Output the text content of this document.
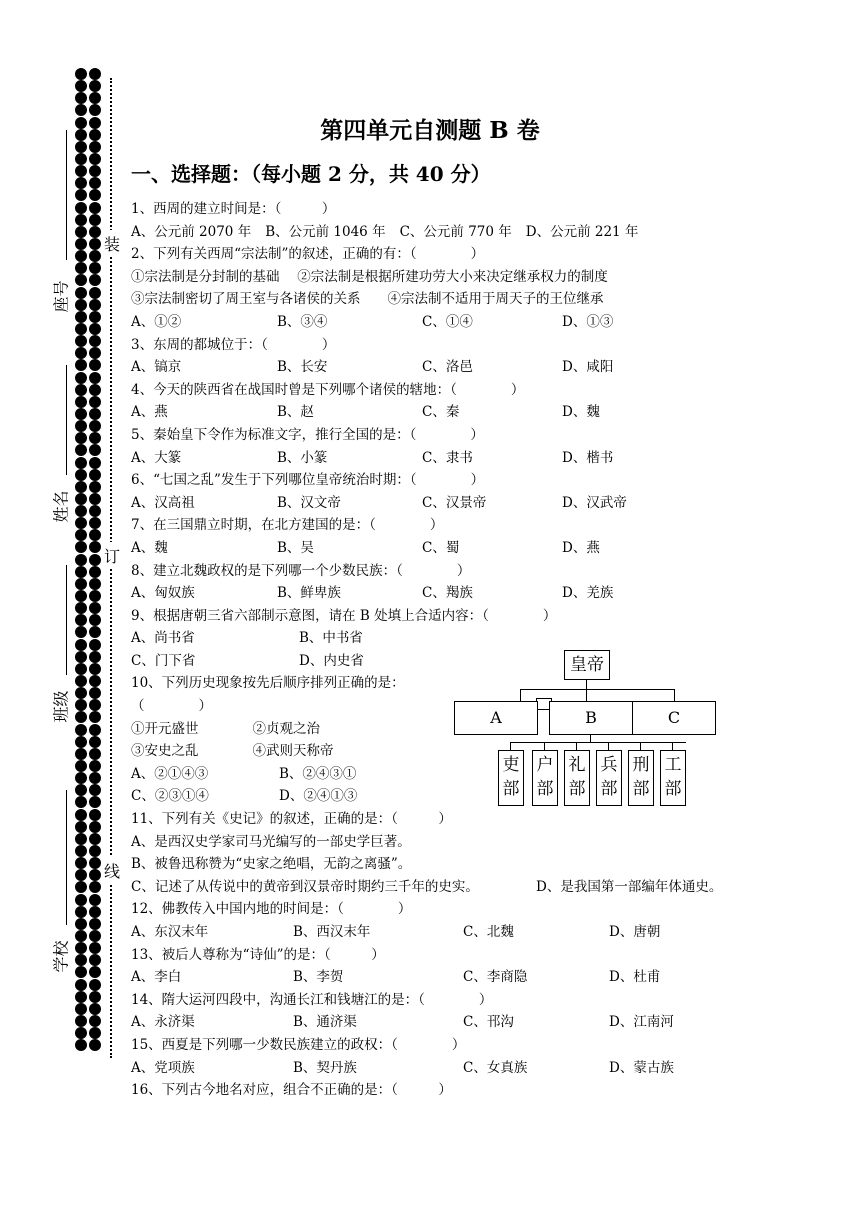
装
订
线
座号
姓名
班级
学校
第四单元自测题 B 卷
一、选择题：（每小题 2 分，共 40 分）
1、西周的建立时间是：（　　　）
A、公元前 2070 年 B、公元前 1046 年 C、公元前 770 年 D、公元前 221 年
2、下列有关西周“宗法制”的叙述，正确的有：（　　　　）
①宗法制是分封制的基础　 ②宗法制是根据所建功劳大小来决定继承权力的制度
③宗法制密切了周王室与各诸侯的关系　　④宗法制不适用于周天子的王位继承
A、①②	B、③④	C、①④	D、①③
3、东周的都城位于：（　　　　）
A、镐京	B、长安	C、洛邑	D、咸阳
4、今天的陕西省在战国时曾是下列哪个诸侯的辖地：（　　　　）
A、燕	B、赵	C、秦	D、魏
5、秦始皇下令作为标准文字，推行全国的是：（　　　　）
A、大篆	B、小篆	C、隶书	D、楷书
6、“七国之乱”发生于下列哪位皇帝统治时期：（　　　　）
A、汉高祖	B、汉文帝	C、汉景帝	D、汉武帝
7、在三国鼎立时期，在北方建国的是：（　　　　）
A、魏	B、吴	C、蜀	D、燕
8、建立北魏政权的是下列哪一个少数民族：（　　　　）
A、匈奴族	B、鲜卑族	C、羯族	D、羌族
9、根据唐朝三省六部制示意图，请在 B 处填上合适内容：（　　　　）
A、尚书省	B、中书省
C、门下省	D、内史省
10、下列历史现象按先后顺序排列正确的是：
（　　　　）
①开元盛世　　　　②贞观之治
③安史之乱　　　　④武则天称帝
A、②①④③	B、②④③①
C、②③①④	D、②④①③
11、下列有关《史记》的叙述，正确的是：（　　　）
A、是西汉史学家司马光编写的一部史学巨著。
B、被鲁迅称赞为“史家之绝唱，无韵之离骚”。
C、记述了从传说中的黄帝到汉景帝时期约三千年的史实。	D、是我国第一部编年体通史。
12、佛教传入中国内地的时间是：（　　　　）
A、东汉末年	B、西汉末年	C、北魏	D、唐朝
13、被后人尊称为“诗仙”的是：（　　　）
A、李白	B、李贺	C、李商隐	D、杜甫
14、隋大运河四段中，沟通长江和钱塘江的是：（　　　　）
A、永济渠	B、通济渠	C、邗沟	D、江南河
15、西夏是下列哪一少数民族建立的政权：（　　　　）
A、党项族	B、契丹族	C、女真族	D、蒙古族
16、下列古今地名对应，组合不正确的是：（　　　）
皇帝
A	B	C
吏部
户部
礼部
兵部
刑部
工部
